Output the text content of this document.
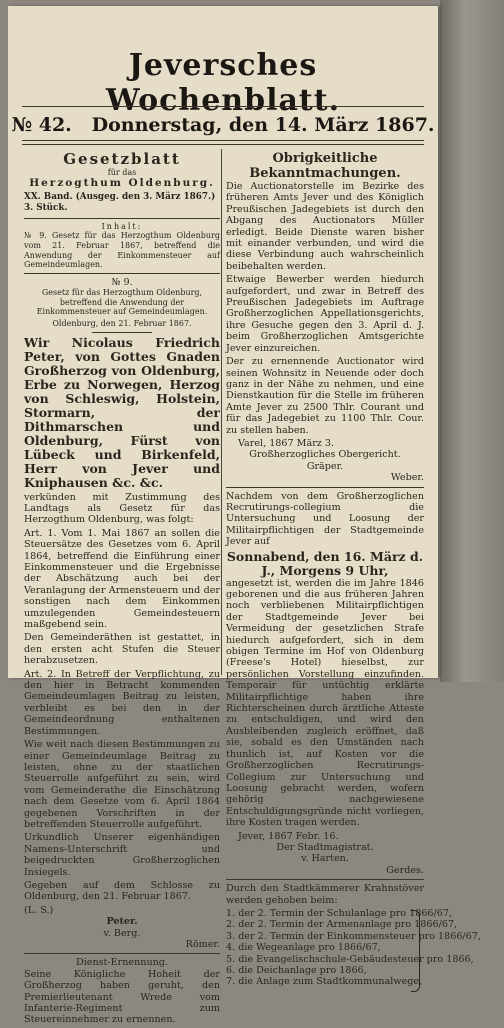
Jeversches Wochenblatt.
№ 42. Donnerstag, den 14. März 1867.
Gesetzblatt
für das
Herzogthum Oldenburg.
XX. Band. (Ausgeg. den 3. März 1867.) 3. Stück.
Inhalt:

№ 9. Gesetz für das Herzogthum Oldenburg vom 21. Februar 1867, betreffend die Anwendung der Einkommensteuer auf Gemeindeumlagen.

№ 9.

Gesetz für das Herzogthum Oldenburg, betreffend die Anwendung der Einkommensteuer auf Gemeindeumlagen.

Oldenburg, den 21. Februar 1867.

Wir Nicolaus Friedrich Peter, von Gottes Gnaden Großherzog von Oldenburg, Erbe zu Norwegen, Herzog von Schleswig, Holstein, Stormarn, der Dithmarschen und Oldenburg, Fürst von Lübeck und Birkenfeld, Herr von Jever und Kniphausen &c. &c.

verkünden mit Zustimmung des Landtags als Gesetz für das Herzogthum Oldenburg, was folgt:

Art. 1. Vom 1. Mai 1867 an sollen die Steuersätze des Gesetzes vom 6. April 1864, betreffend die Einführung einer Einkommensteuer und die Ergebnisse der Abschätzung auch bei der Veranlagung der Armensteuern und der sonstigen nach dem Einkommen umzulegenden Gemeindesteuern maßgebend sein.

Den Gemeinderäthen ist gestattet, in den ersten acht Stufen die Steuer herabzusetzen.

Art. 2. In Betreff der Verpflichtung, zu den hier in Betracht kommenden Gemeindeumlagen Beitrag zu leisten, verbleibt es bei den in der Gemeindeordnung enthaltenen Bestimmungen.

Wie weit nach diesen Bestimmungen zu einer Gemeindeumlage Beitrag zu leisten, ohne zu der staatlichen Steuerrolle aufgeführt zu sein, wird vom Gemeinderathe die Einschätzung nach dem Gesetze vom 6. April 1864 gegebenen Vorschriften in der betreffenden Steuerrolle aufgeführt.

Urkundlich Unserer eigenhändigen Namens-Unterschrift und beigedruckten Großherzoglichen Insiegels.

Gegeben auf dem Schlosse zu Oldenburg, den 21. Februar 1867.

(L. S.)
Peter.
v. Berg.
Römer.
Dienst-Ernennung.

Seine Königliche Hoheit der Großherzog haben geruht, den Premierlieutenant Wrede vom Infanterie-Regiment zum Steuereinnehmer zu ernennen.

Obrigkeitliche Bekanntmachungen.

Die Auctionatorstelle im Bezirke des früheren Amts Jever und des Königlich Preußischen Jadegebiets ist durch den Abgang des Auctionators Müller erledigt. Beide Dienste waren bisher mit einander verbunden, und wird die diese Verbindung auch wahrscheinlich beibehalten werden.

Etwaige Bewerber werden hiedurch aufgefordert, und zwar in Betreff des Preußischen Jadegebiets im Auftrage Großherzoglichen Appellationsgerichts, ihre Gesuche gegen den 3. April d. J. beim Großherzoglichen Amtsgerichte Jever einzureichen.

Der zu ernennende Auctionator wird seinen Wohnsitz in Neuende oder doch ganz in der Nähe zu nehmen, und eine Dienstkaution für die Stelle im früheren Amte Jever zu 2500 Thlr. Courant und für das Jadegebiet zu 1100 Thlr. Cour. zu stellen haben.

Varel, 1867 März 3.
Großherzogliches Obergericht.
Gräper.
Weber.

Nachdem von dem Großherzoglichen Recrutirungs-collegium die Untersuchung und Loosung der Militairpflichtigen der Stadtgemeinde Jever auf

Sonnabend, den 16. März d. J., Morgens 9 Uhr,

angesetzt ist, werden die im Jahre 1846 geborenen und die aus früheren Jahren noch verbliebenen Militairpflichtigen der Stadtgemeinde Jever bei Vermeidung der gesetzlichen Strafe hiedurch aufgefordert, sich in dem obigen Termine im Hof von Oldenburg (Freese's Hotel) hieselbst, zur persönlichen Vorstellung einzufinden. Temporair für untüchtig erklärte Militairpflichtige haben ihre Richterscheinen durch ärztliche Atteste zu entschuldigen, und wird den Ausbleibenden zugleich eröffnet, daß sie, sobald es den Umständen nach thunlich ist, auf Kosten vor die Großherzoglichen Recrutirungs-Collegium zur Untersuchung und Loosung gebracht werden, wofern gehörig nachgewiesene Entschuldigungsgründe nicht vorliegen, ihre Kosten tragen werden.

Jever, 1867 Febr. 16.
Der Stadtmagistrat.
v. Harten.
Gerdes.

Durch den Stadtkämmerer Krahnstöver werden gehoben beim:

1. der 2. Termin der Schulanlage pro 1866/67,
2. der 2. Termin der Armenanlage pro 1866/67,
3. der 2. Termin der Einkommensteuer pro 1866/67,
4. die Wegeanlage pro 1866/67,
5. die Evangelischschule-Gebäudesteuer pro 1866,
6. die Deichanlage pro 1866,
7. die Anlage zum Stadtkommunalwege,
